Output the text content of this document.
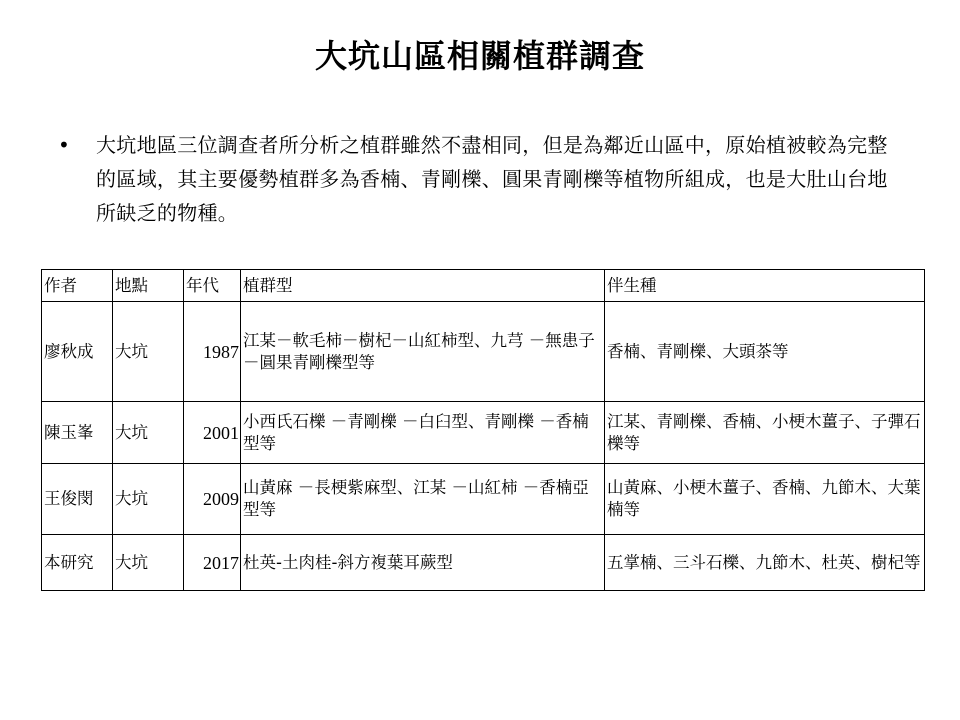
大坑山區相關植群調查
• 大坑地區三位調查者所分析之植群雖然不盡相同，但是為鄰近山區中，原始植被較為完整的區域，其主要優勢植群多為香楠、青剛櫟、圓果青剛櫟等植物所組成，也是大肚山台地所缺乏的物種。
作者	地點	年代	植群型	伴生種
廖秋成	大坑	1987	江某－軟毛柿－樹杞－山紅柿型、九芎 －無患子 －圓果青剛櫟型等	香楠、青剛櫟、大頭茶等
陳玉峯	大坑	2001	小西氏石櫟 －青剛櫟 －白臼型、青剛櫟 －香楠型等	江某、青剛櫟、香楠、小梗木薑子、子彈石櫟等
王俊閔	大坑	2009	山黃麻 －長梗紫麻型、江某 －山紅柿 －香楠亞型等	山黃麻、小梗木薑子、香楠、九節木、大葉楠等
本研究	大坑	2017	杜英-土肉桂-斜方複葉耳蕨型	五掌楠、三斗石櫟、九節木、杜英、樹杞等
